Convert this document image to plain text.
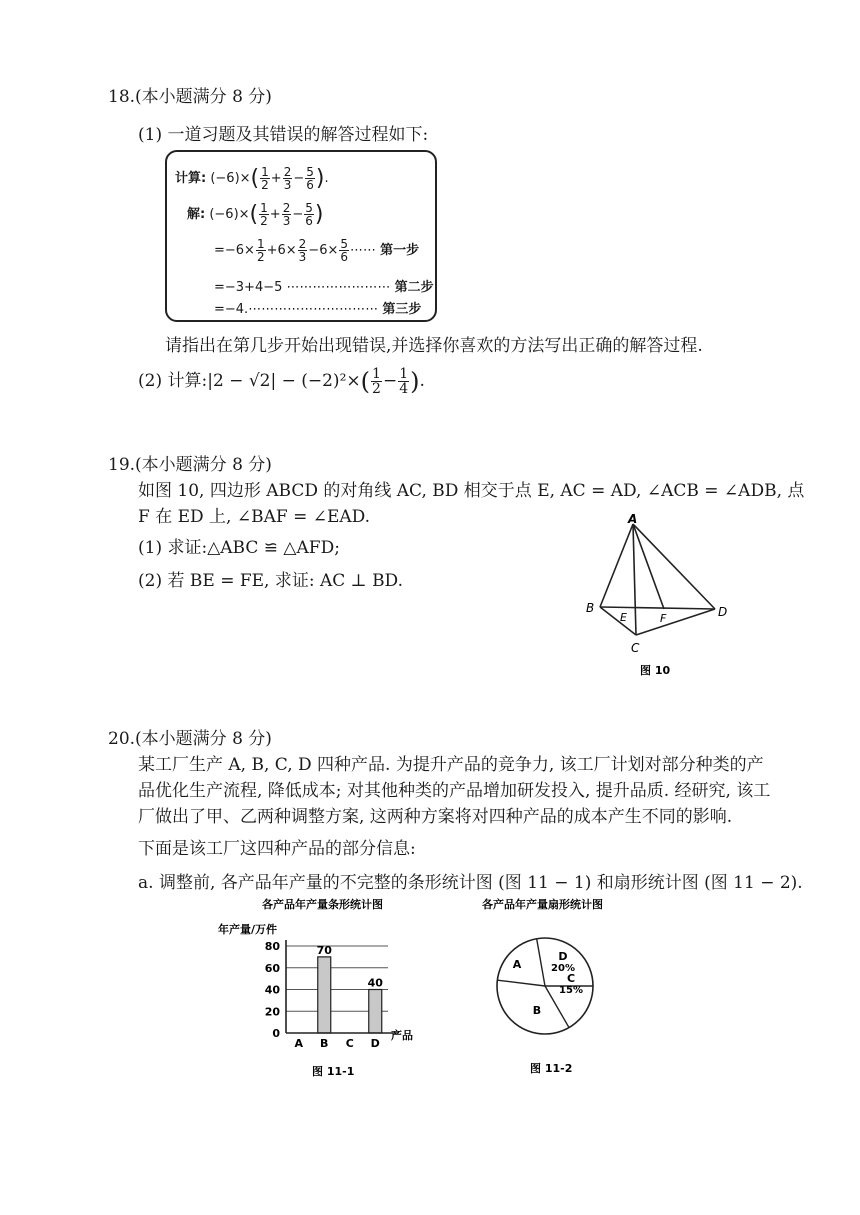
18.(本小题满分 8 分)
(1) 一道习题及其错误的解答过程如下:
计算: $(-6)\times( \frac{1}{2} + \frac{2}{3} - \frac{5}{6}$ ).
解: $(-6)\times( \frac{1}{2} + \frac{2}{3} - \frac{5}{6}$ )
$=-6\times \frac{1}{2} +6\times \frac{2}{3} -6\times \frac{5}{6}$ ⋯⋯ 第一步
=−3+4−5 ⋯⋯⋯⋯⋯⋯⋯⋯ 第二步
=−4.⋯⋯⋯⋯⋯⋯⋯⋯⋯⋯ 第三步
请指出在第几步开始出现错误,并选择你喜欢的方法写出正确的解答过程.
(2) 计算:|2 − $√2| - (-2)^2\times( \frac{1}{2} - \frac{1}{4}$ ).
19.(本小题满分 8 分)
如图 10, 四边形 ABCD 的对角线 AC, BD 相交于点 E, AC = AD, ∠ACB = ∠ADB, 点
F 在 ED 上, ∠BAF = ∠EAD.
(1) 求证:△ABC ≌ △AFD;
(2) 若 BE = FE, 求证: AC ⊥ BD.
A
B
C
D
E	F
图 10
20.(本小题满分 8 分)
某工厂生产 A, B, C, D 四种产品. 为提升产品的竞争力, 该工厂计划对部分种类的产
品优化生产流程, 降低成本; 对其他种类的产品增加研发投入, 提升品质. 经研究, 该工
厂做出了甲、乙两种调整方案, 这两种方案将对四种产品的成本产生不同的影响.
下面是该工厂这四种产品的部分信息:
a. 调整前, 各产品年产量的不完整的条形统计图 (图 11 − 1) 和扇形统计图 (图 11 − 2).
各产品年产量条形统计图
年产量/万件
70
40
0
20
40
60
80
A B C D
产品
图 11-1
各产品年产量扇形统计图
A
D
20%
C
15%
B
图 11-2
